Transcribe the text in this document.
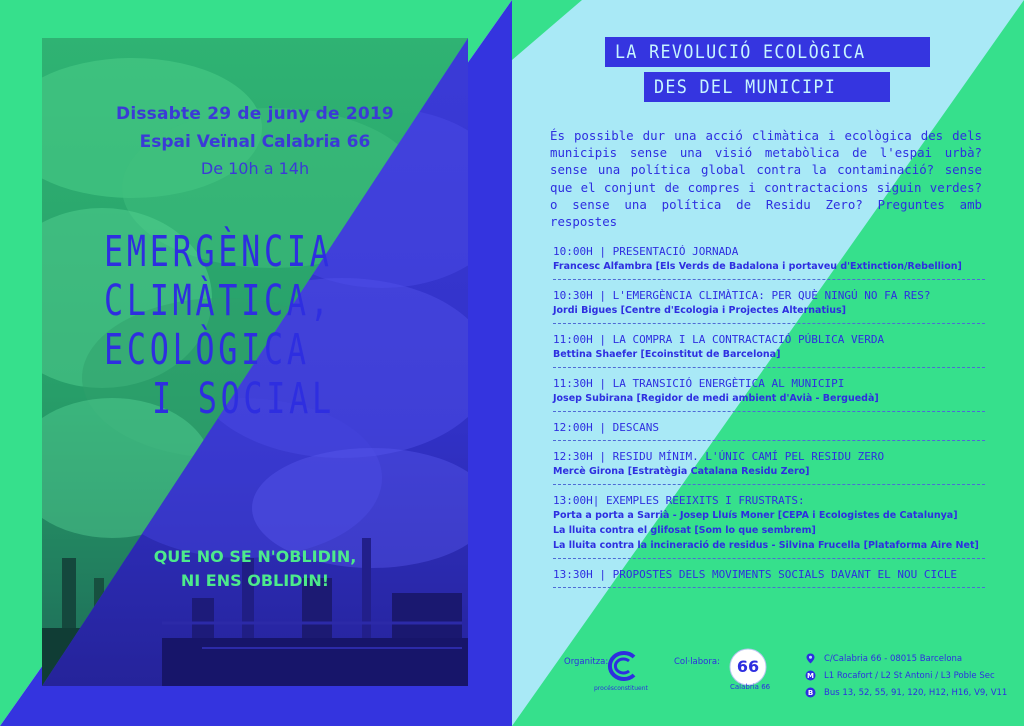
Dissabte 29 de juny de 2019
Espai Veïnal Calabria 66
De 10h a 14h
EMERGÈNCIA
CLIMÀTICA,
ECOLÒGICA
I SOCIAL
QUE NO SE N'OBLIDIN,
NI ENS OBLIDIN!
LA REVOLUCIÓ ECOLÒGICA
DES DEL MUNICIPI

És possible dur una acció climàtica i ecològica des dels municipis sense una visió metabòlica de l'espai urbà? sense una política global contra la contaminació? sense que el conjunt de compres i contractacions siguin verdes? o sense una política de Residu Zero? Preguntes amb respostes

10:00H | PRESENTACIÓ JORNADA
Francesc Alfambra [Els Verds de Badalona i portaveu d'Extinction/Rebellion]
10:30H | L'EMERGÈNCIA CLIMÀTICA: PER QUÈ NINGÚ NO FA RES?
Jordi Bigues [Centre d'Ecologia i Projectes Alternatius]
11:00H | LA COMPRA I LA CONTRACTACIÓ PÚBLICA VERDA
Bettina Shaefer [Ecoinstitut de Barcelona]
11:30H | LA TRANSICIÓ ENERGÈTICA AL MUNICIPI
Josep Subirana [Regidor de medi ambient d'Avià - Berguedà]
12:00H | DESCANS
12:30H | RESIDU MÍNIM. L'ÚNIC CAMÍ PEL RESIDU ZERO
Mercè Girona [Estratègia Catalana Residu Zero]
13:00H| EXEMPLES REEIXITS I FRUSTRATS:
Porta a porta a Sarrià - Josep Lluís Moner [CEPA i Ecologistes de Catalunya]
La lluita contra el glifosat [Som lo que sembrem]
La lluita contra la incineració de residus - Silvina Frucella [Plataforma Aire Net]
13:30H | PROPOSTES DELS MOVIMENTS SOCIALS DAVANT EL NOU CICLE
Organitza:
procésconstituent
Col·labora: 66
Calabria 66
C/Calabria 66 - 08015 Barcelona
M L1 Rocafort / L2 St Antoni / L3 Poble Sec
B Bus 13, 52, 55, 91, 120, H12, H16, V9, V11
